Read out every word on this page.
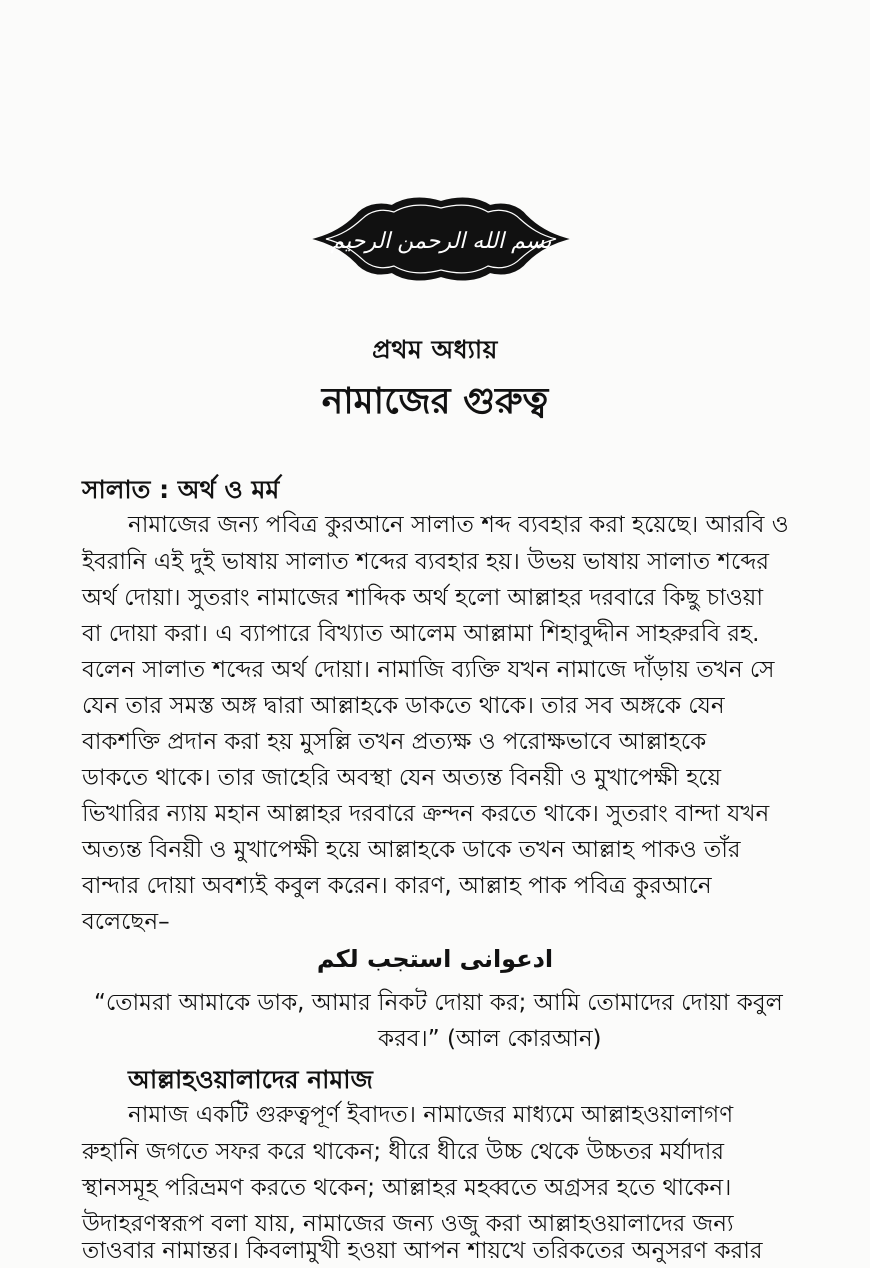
بسم الله الرحمن الرحيم
প্রথম অধ্যায়
নামাজের গুরুত্ব
সালাত : অর্থ ও মর্ম
নামাজের জন্য পবিত্র কুরআনে সালাত শব্দ ব্যবহার করা হয়েছে। আরবি ও
ইবরানি এই দুই ভাষায় সালাত শব্দের ব্যবহার হয়। উভয় ভাষায় সালাত শব্দের
অর্থ দোয়া। সুতরাং নামাজের শাব্দিক অর্থ হলো আল্লাহর দরবারে কিছু চাওয়া
বা দোয়া করা। এ ব্যাপারে বিখ্যাত আলেম আল্লামা শিহাবুদ্দীন সাহরুরবি রহ.
বলেন সালাত শব্দের অর্থ দোয়া। নামাজি ব্যক্তি যখন নামাজে দাঁড়ায় তখন সে
যেন তার সমস্ত অঙ্গ দ্বারা আল্লাহকে ডাকতে থাকে। তার সব অঙ্গকে যেন
বাকশক্তি প্রদান করা হয় মুসল্লি তখন প্রত্যক্ষ ও পরোক্ষভাবে আল্লাহকে
ডাকতে থাকে। তার জাহেরি অবস্থা যেন অত্যন্ত বিনয়ী ও মুখাপেক্ষী হয়ে
ভিখারির ন্যায় মহান আল্লাহর দরবারে ক্রন্দন করতে থাকে। সুতরাং বান্দা যখন
অত্যন্ত বিনয়ী ও মুখাপেক্ষী হয়ে আল্লাহকে ডাকে তখন আল্লাহ পাকও তাঁর
বান্দার দোয়া অবশ্যই কবুল করেন। কারণ, আল্লাহ পাক পবিত্র কুরআনে
বলেছেন–
ادعوانى استجب لكم
“তোমরা আমাকে ডাক, আমার নিকট দোয়া কর; আমি তোমাদের দোয়া কবুল
করব।” (আল কোরআন)
আল্লাহওয়ালাদের নামাজ
নামাজ একটি গুরুত্বপূর্ণ ইবাদত। নামাজের মাধ্যমে আল্লাহওয়ালাগণ
রুহানি জগতে সফর করে থাকেন; ধীরে ধীরে উচ্চ থেকে উচ্চতর মর্যাদার
স্থানসমূহ পরিভ্রমণ করতে থকেন; আল্লাহর মহব্বতে অগ্রসর হতে থাকেন।
উদাহরণস্বরূপ বলা যায়, নামাজের জন্য ওজু করা আল্লাহওয়ালাদের জন্য
তাওবার নামান্তর। কিবলামুখী হওয়া আপন শায়খে তরিকতের অনুসরণ করার
